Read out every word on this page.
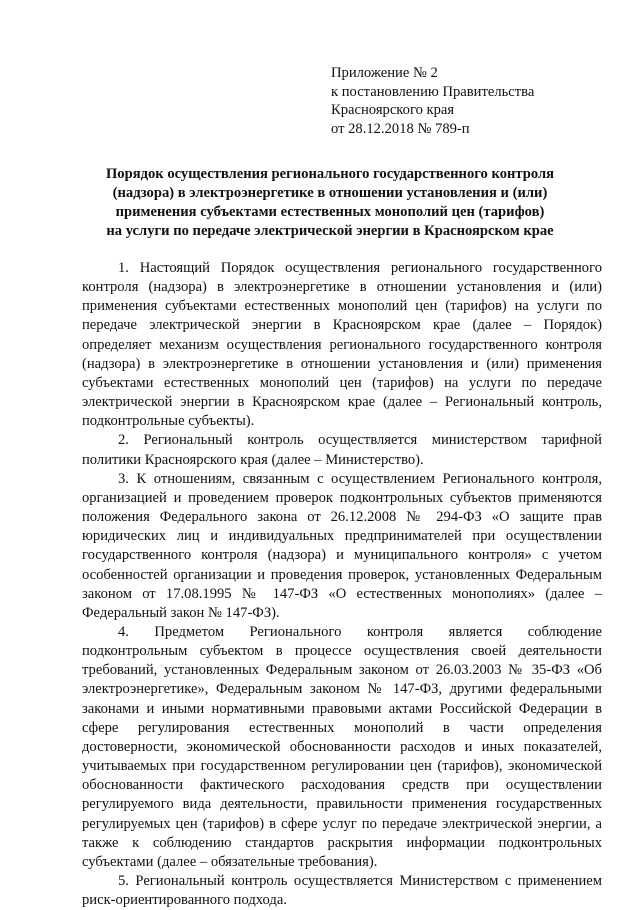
Приложение № 2
к постановлению Правительства
Красноярского края
от 28.12.2018 № 789-п
Порядок осуществления регионального государственного контроля
(надзора) в электроэнергетике в отношении установления и (или)
применения субъектами естественных монополий цен (тарифов)
на услуги по передаче электрической энергии в Красноярском крае

1. Настоящий Порядок осуществления регионального государственного контроля (надзора) в электроэнергетике в отношении установления и (или) применения субъектами естественных монополий цен (тарифов) на услуги по передаче электрической энергии в Красноярском крае (далее – Порядок) определяет механизм осуществления регионального государственного контроля (надзора) в электроэнергетике в отношении установления и (или) применения субъектами естественных монополий цен (тарифов) на услуги по передаче электрической энергии в Красноярском крае (далее – Региональный контроль, подконтрольные субъекты).

2. Региональный контроль осуществляется министерством тарифной политики Красноярского края (далее – Министерство).

3. К отношениям, связанным с осуществлением Регионального контроля, организацией и проведением проверок подконтрольных субъектов применяются положения Федерального закона от 26.12.2008 № 294-ФЗ «О защите прав юридических лиц и индивидуальных предпринимателей при осуществлении государственного контроля (надзора) и муниципального контроля» с учетом особенностей организации и проведения проверок, установленных Федеральным законом от 17.08.1995 № 147-ФЗ «О естественных монополиях» (далее – Федеральный закон № 147-ФЗ).

4. Предметом Регионального контроля является соблюдение подконтрольным субъектом в процессе осуществления своей деятельности требований, установленных Федеральным законом от 26.03.2003 № 35-ФЗ «Об электроэнергетике», Федеральным законом № 147-ФЗ, другими федеральными законами и иными нормативными правовыми актами Российской Федерации в сфере регулирования естественных монополий в части определения достоверности, экономической обоснованности расходов и иных показателей, учитываемых при государственном регулировании цен (тарифов), экономической обоснованности фактического расходования средств при осуществлении регулируемого вида деятельности, правильности применения государственных регулируемых цен (тарифов) в сфере услуг по передаче электрической энергии, а также к соблюдению стандартов раскрытия информации подконтрольных субъектами (далее – обязательные требования).

5. Региональный контроль осуществляется Министерством с применением риск-ориентированного подхода.
